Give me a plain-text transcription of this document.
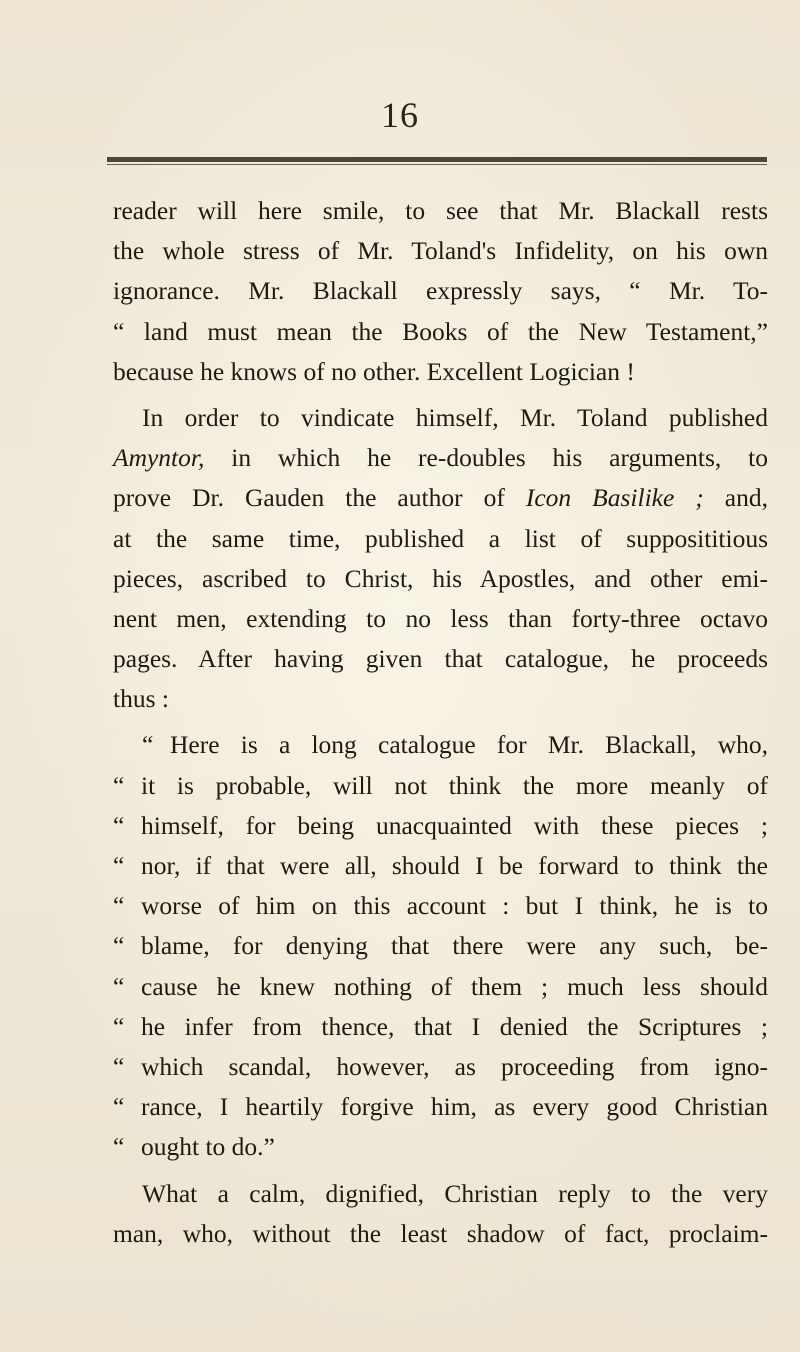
16
reader will here smile, to see that Mr. Blackall rests
the whole stress of Mr. Toland's Infidelity, on his own
ignorance. Mr. Blackall expressly says, “ Mr. To-
“ land must mean the Books of the New Testament,”
because he knows of no other. Excellent Logician !
In order to vindicate himself, Mr. Toland published
Amyntor, in which he re-doubles his arguments, to
prove Dr. Gauden the author of Icon Basilike ; and,
at the same time, published a list of supposititious
pieces, ascribed to Christ, his Apostles, and other emi-
nent men, extending to no less than forty-three octavo
pages. After having given that catalogue, he proceeds
thus :
“ Here is a long catalogue for Mr. Blackall, who,
“ it is probable, will not think the more meanly of
“ himself, for being unacquainted with these pieces ;
“ nor, if that were all, should I be forward to think the
“ worse of him on this account : but I think, he is to
“ blame, for denying that there were any such, be-
“ cause he knew nothing of them ; much less should
“ he infer from thence, that I denied the Scriptures ;
“ which scandal, however, as proceeding from igno-
“ rance, I heartily forgive him, as every good Christian
“ ought to do.”
What a calm, dignified, Christian reply to the very
man, who, without the least shadow of fact, proclaim-
